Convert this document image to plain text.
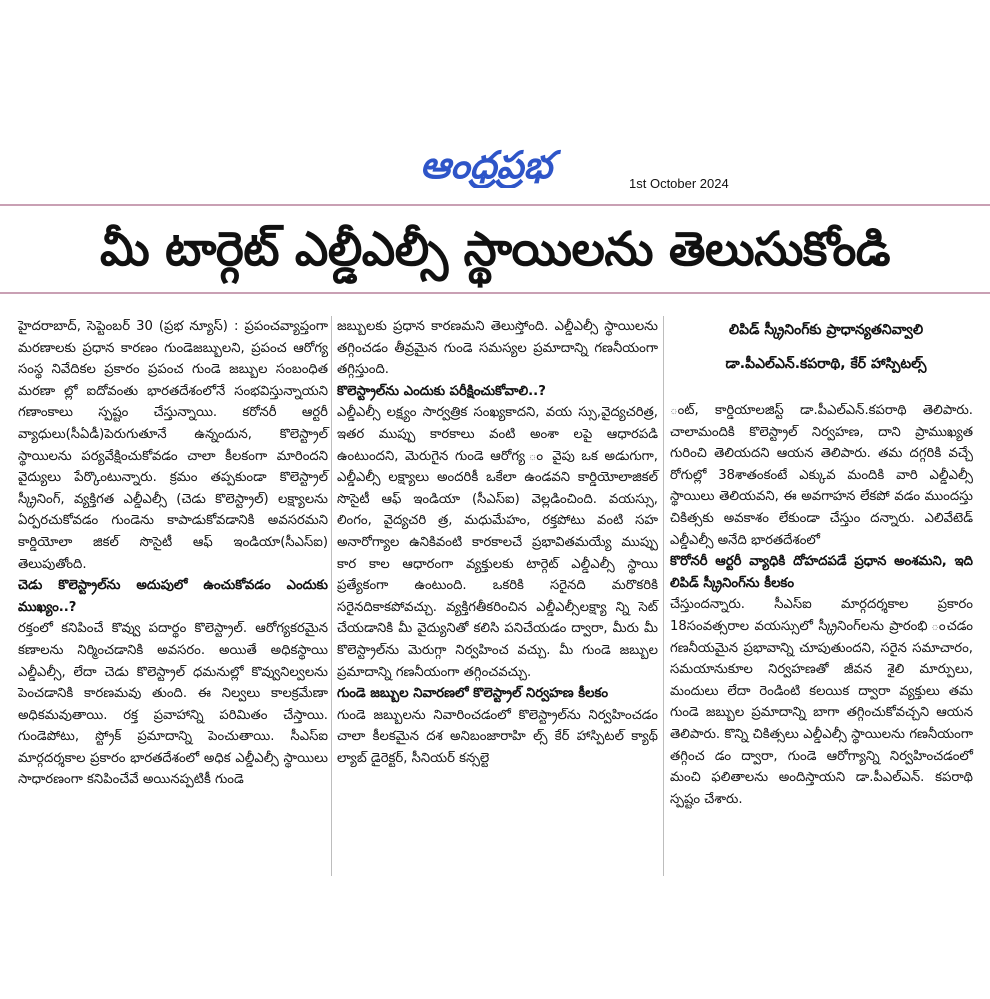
ఆంధ్రప్రభ	1st October 2024
మీ టార్గెట్ ఎల్డీఎల్సీ స్థాయిలను తెలుసుకోండి

హైదరాబాద్, సెప్టెంబర్ 30 (ప్రభ న్యూస్) : ప్రపంచవ్యాప్తంగా మరణాలకు ప్రధాన కారణం గుండెజబ్బులని, ప్రపంచ ఆరోగ్య సంస్థ నివేదికల ప్రకారం ప్రపంచ గుండె జబ్బుల సంబంధిత మరణా ల్లో ఐదోవంతు భారతదేశంలోనే సంభవిస్తున్నాయని గణాంకాలు స్పష్టం చేస్తున్నాయి. కరోనరీ ఆర్టరీ వ్యాధులు(సీఏడీ)పెరుగుతూనే ఉన్నందున, కొలెస్ట్రాల్ స్థాయిలను పర్యవేక్షించుకోవడం చాలా కీలకంగా మారిందని వైద్యులు పేర్కొంటున్నారు. క్రమం తప్పకుండా కొలెస్ట్రాల్ స్క్రీనింగ్, వ్యక్తిగత ఎల్డీఎల్సీ (చెడు కొలెస్ట్రాల్) లక్ష్యాలను ఏర్పరచుకోవడం గుండెను కాపాడుకోవడానికి అవసరమని కార్డియోలా జికల్ సొసైటీ ఆఫ్ ఇండియా(సీఎస్ఐ) తెలుపుతోంది.

చెడు కొలెస్ట్రాల్‌ను అదుపులో ఉంచుకోవడం ఎందుకు ముఖ్యం..?

రక్తంలో కనిపించే కొవ్వు పదార్థం కొలెస్ట్రాల్. ఆరోగ్యకరమైన కణాలను నిర్మించడానికి అవసరం. అయితే అధికస్థాయి ఎల్డీఎల్సీ, లేదా చెడు కొలెస్ట్రాల్ ధమనుల్లో కొవ్వునిల్వలను పెంచడానికి కారణమవు తుంది. ఈ నిల్వలు కాలక్రమేణా అధికమవుతాయి. రక్త ప్రవాహాన్ని పరిమితం చేస్తాయి. గుండెపోటు, స్ట్రోక్ ప్రమాదాన్ని పెంచుతాయి. సీఎస్ఐ మార్గదర్శకాల ప్రకారం భారతదేశంలో అధిక ఎల్డీఎల్సీ స్థాయిలు సాధారణంగా కనిపించేవే అయినప్పటికీ గుండె

జబ్బులకు ప్రధాన కారణమని తెలుస్తోంది. ఎల్డీఎల్సీ స్థాయిలను తగ్గించడం తీవ్రమైన గుండె సమస్యల ప్రమాదాన్ని గణనీయంగా తగ్గిస్తుంది.

కొలెస్ట్రాల్‌ను ఎందుకు పరీక్షించుకోవాలి..?

ఎల్డీఎల్సీ లక్ష్యం సార్వత్రిక సంఖ్యకాదని, వయ స్సు,వైద్యచరిత్ర, ఇతర ముప్పు కారకాలు వంటి అంశా లపై ఆధారపడి ఉంటుందని, మెరుగైన గుండె ఆరోగ్య ం వైపు ఒక అడుగుగా, ఎల్డీఎల్సీ లక్ష్యాలు అందరికీ ఒకేలా ఉండవని కార్డియోలాజికల్ సొసైటీ ఆఫ్ ఇండియా (సీఎస్ఐ) వెల్లడించింది. వయస్సు, లింగం, వైద్యచరి త్ర, మధుమేహం, రక్తపోటు వంటి సహ అనారోగ్యాల ఉనికివంటి కారకాలచే ప్రభావితమయ్యే ముప్పు కార కాల ఆధారంగా వ్యక్తులకు టార్గెట్ ఎల్డీఎల్సీ స్థాయి ప్రత్యేకంగా ఉంటుంది. ఒకరికి సరైనది మరొకరికి సరైనదికాకపోవచ్చు. వ్యక్తిగతీకరించిన ఎల్డీఎల్సీలక్ష్యా న్ని సెట్ చేయడానికి మీ వైద్యునితో కలిసి పనిచేయడం ద్వారా, మీరు మీ కొలెస్ట్రాల్‌ను మెరుగ్గా నిర్వహించ వచ్చు. మీ గుండె జబ్బుల ప్రమాదాన్ని గణనీయంగా తగ్గించవచ్చు.

గుండె జబ్బుల నివారణలో కొలెస్ట్రాల్ నిర్వహణ కీలకం

గుండె జబ్బులను నివారించడంలో కొలెస్ట్రాల్‌ను నిర్వహించడం చాలా కీలకమైన దశ అనిబంజారాహి ల్స్ కేర్ హాస్పిటల్ క్యాథ్ ల్యాబ్ డైరెక్టర్, సీనియర్ కన్సల్టె

లిపిడ్ స్క్రీనింగ్‌కు ప్రాధాన్యతనివ్వాలి
డా.పీఎల్ఎన్.కపరాథి, కేర్ హాస్పిటల్స్

ంట్, కార్డియాలజిస్ట్ డా.పీఎల్ఎన్.కపరాథి తెలిపారు. చాలామందికి కొలెస్ట్రాల్ నిర్వహణ, దాని ప్రాముఖ్యత గురించి తెలియదని ఆయన తెలిపారు. తమ దగ్గరికి వచ్చే రోగుల్లో 38శాతంకంటే ఎక్కువ మందికి వారి ఎల్డీఎల్సీ స్థాయిలు తెలియవని, ఈ అవగాహన లేకపో వడం ముందస్తు చికిత్సకు అవకాశం లేకుండా చేస్తుం దన్నారు. ఎలివేటెడ్ ఎల్డీఎల్సీ అనేది భారతదేశంలో

కొరోనరీ ఆర్టరీ వ్యాధికి దోహదపడే ప్రధాన అంశమని, ఇది లిపిడ్ స్క్రీనింగ్‌ను కీలకం

చేస్తుందన్నారు. సీఎస్ఐ మార్గదర్శకాల ప్రకారం 18సంవత్సరాల వయస్సులో స్క్రీనింగ్‌లను ప్రారంభి ంచడం గణనీయమైన ప్రభావాన్ని చూపుతుందని, సరైన సమాచారం, సమయానుకూల నిర్వహణతో జీవన శైలి మార్పులు, మందులు లేదా రెండింటి కలయిక ద్వారా వ్యక్తులు తమ గుండె జబ్బుల ప్రమాదాన్ని బాగా తగ్గించుకోవచ్చని ఆయన తెలిపారు. కొన్ని చికిత్సలు ఎల్డీఎల్సీ స్థాయిలను గణనీయంగా తగ్గించ డం ద్వారా, గుండె ఆరోగ్యాన్ని నిర్వహించడంలో మంచి ఫలితాలను అందిస్తాయని డా.పీఎల్ఎన్. కపరాథి స్పష్టం చేశారు.
